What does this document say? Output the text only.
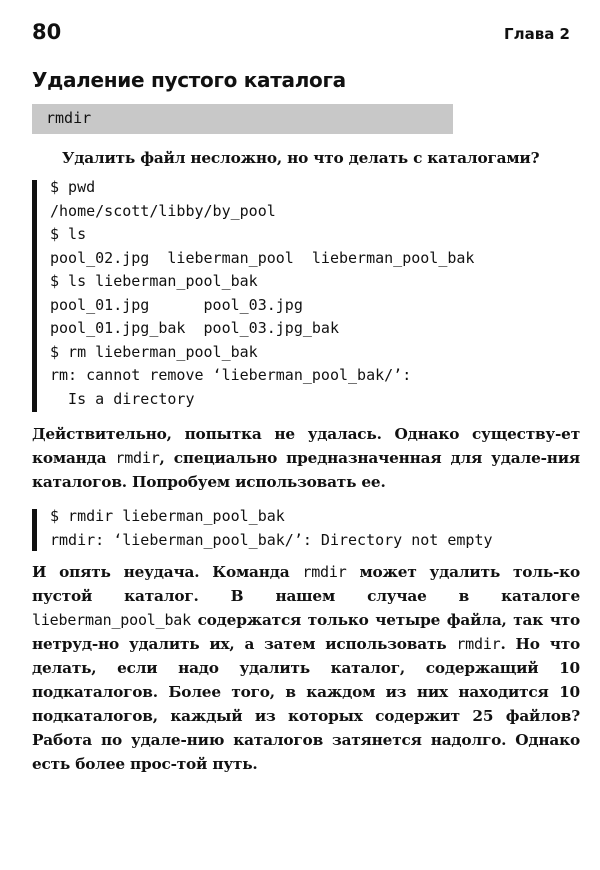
80	Глава 2
Удаление пустого каталога
rmdir
Удалить файл несложно, но что делать с каталогами?
$ pwd
/home/scott/libby/by_pool
$ ls
pool_02.jpg  lieberman_pool  lieberman_pool_bak
$ ls lieberman_pool_bak
pool_01.jpg      pool_03.jpg
pool_01.jpg_bak  pool_03.jpg_bak
$ rm lieberman_pool_bak
rm: cannot remove ‘lieberman_pool_bak/’:
Is a directory
Действительно, попытка не удалась. Однако существу-ет команда rmdir, специально предназначенная для удале-ния каталогов. Попробуем использовать ее.
$ rmdir lieberman_pool_bak
rmdir: ‘lieberman_pool_bak/’: Directory not empty
И опять неудача. Команда rmdir может удалить толь-ко пустой каталог. В нашем случае в каталоге lieberman_pool_bak содержатся только четыре файла, так что нетруд-но удалить их, а затем использовать rmdir. Но что делать, если надо удалить каталог, содержащий 10 подкаталогов. Более того, в каждом из них находится 10 подкаталогов, каждый из которых содержит 25 файлов? Работа по удале-нию каталогов затянется надолго. Однако есть более прос-той путь.
